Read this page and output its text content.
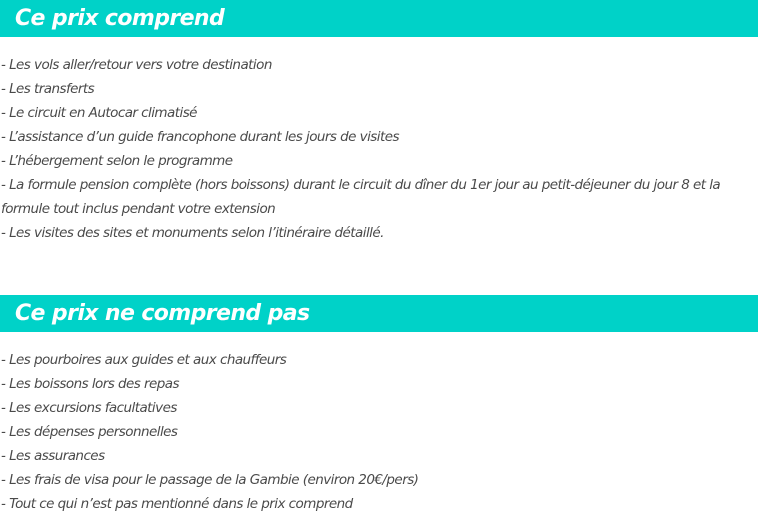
Ce prix comprend
- Les vols aller/retour vers votre destination
- Les transferts
- Le circuit en Autocar climatisé
- L’assistance d’un guide francophone durant les jours de visites
- L’hébergement selon le programme
- La formule pension complète (hors boissons) durant le circuit du dîner du 1er jour au petit-déjeuner du jour 8 et la formule tout inclus pendant votre extension
- Les visites des sites et monuments selon l’itinéraire détaillé.
Ce prix ne comprend pas
- Les pourboires aux guides et aux chauffeurs
- Les boissons lors des repas
- Les excursions facultatives
- Les dépenses personnelles
- Les assurances
- Les frais de visa pour le passage de la Gambie (environ 20€/pers)
- Tout ce qui n’est pas mentionné dans le prix comprend
